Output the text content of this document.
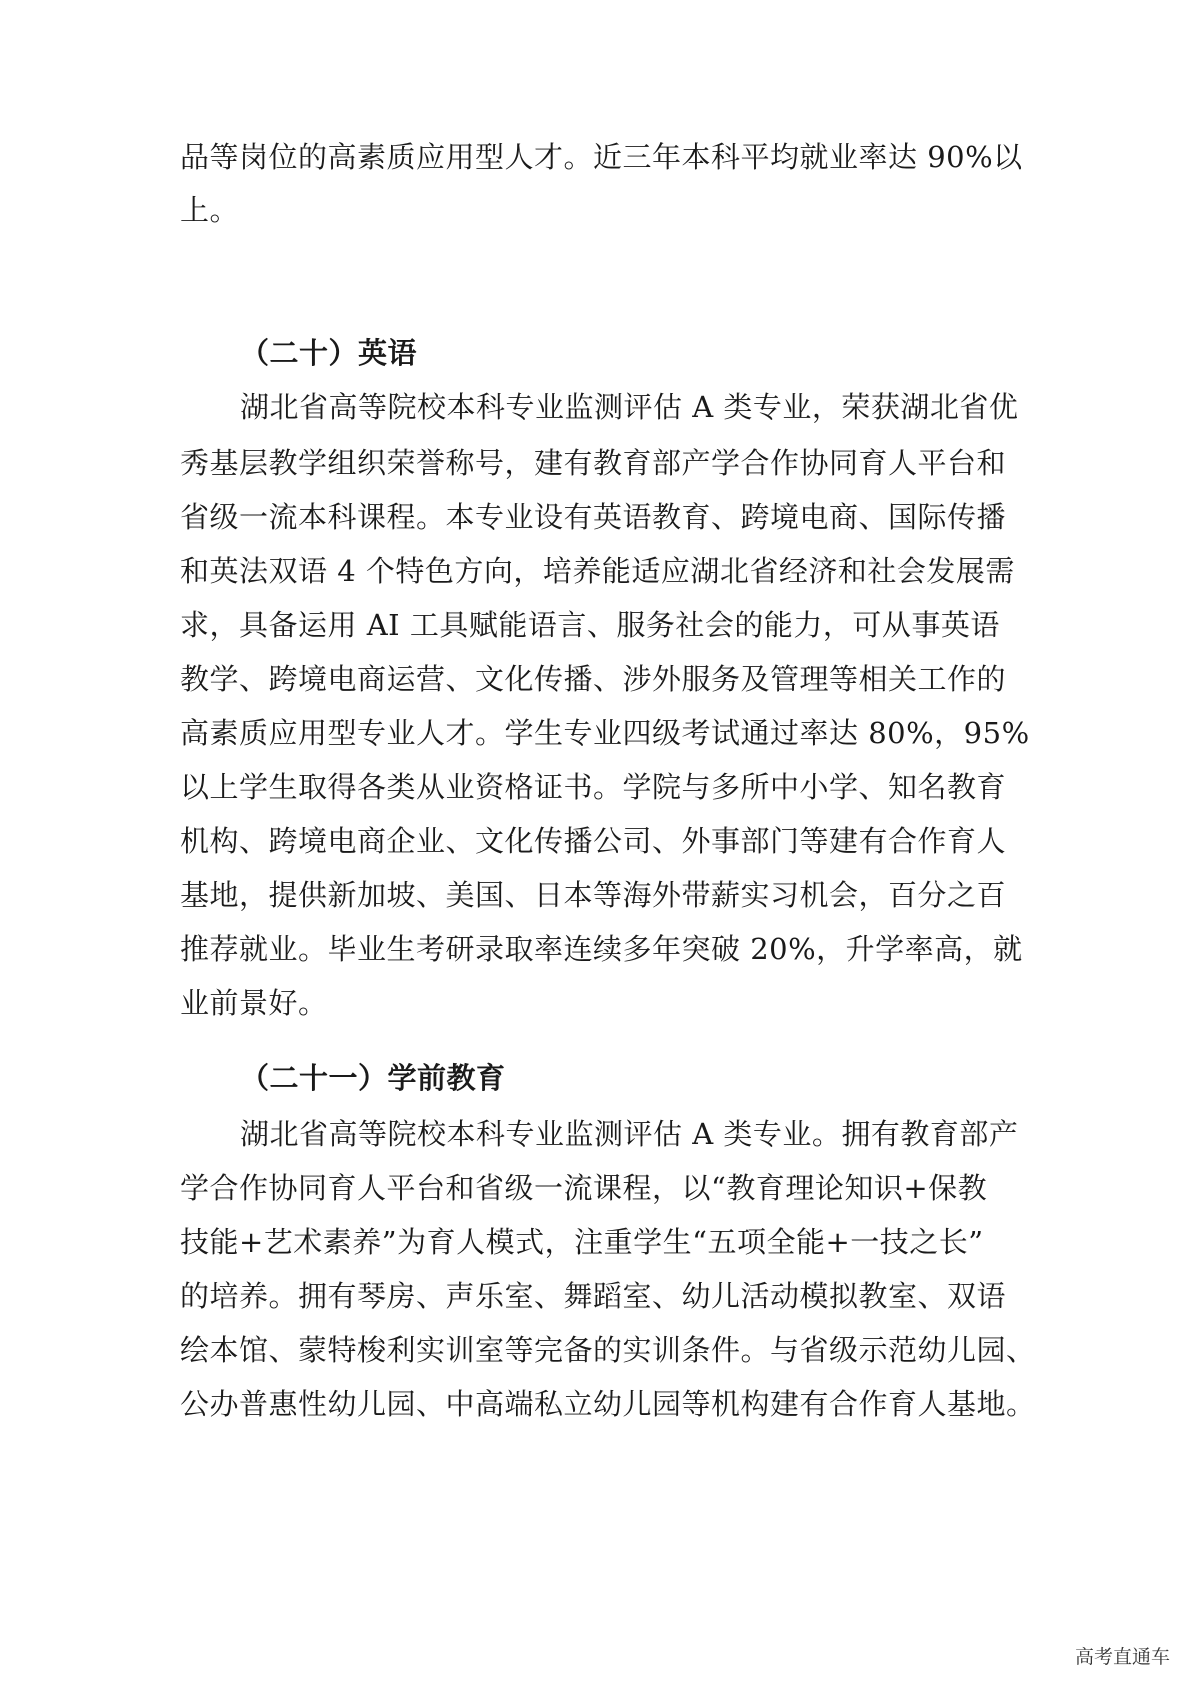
品等岗位的高素质应用型人才。近三年本科平均就业率达 90%以
上。
（二十）英语
湖北省高等院校本科专业监测评估 A 类专业，荣获湖北省优
秀基层教学组织荣誉称号，建有教育部产学合作协同育人平台和
省级一流本科课程。本专业设有英语教育、跨境电商、国际传播
和英法双语 4 个特色方向，培养能适应湖北省经济和社会发展需
求，具备运用 AI 工具赋能语言、服务社会的能力，可从事英语
教学、跨境电商运营、文化传播、涉外服务及管理等相关工作的
高素质应用型专业人才。学生专业四级考试通过率达 80%，95%
以上学生取得各类从业资格证书。学院与多所中小学、知名教育
机构、跨境电商企业、文化传播公司、外事部门等建有合作育人
基地，提供新加坡、美国、日本等海外带薪实习机会，百分之百
推荐就业。毕业生考研录取率连续多年突破 20%，升学率高，就
业前景好。
（二十一）学前教育
湖北省高等院校本科专业监测评估 A 类专业。拥有教育部产
学合作协同育人平台和省级一流课程，以“教育理论知识+保教
技能+艺术素养”为育人模式，注重学生“五项全能+一技之长”
的培养。拥有琴房、声乐室、舞蹈室、幼儿活动模拟教室、双语
绘本馆、蒙特梭利实训室等完备的实训条件。与省级示范幼儿园、
公办普惠性幼儿园、中高端私立幼儿园等机构建有合作育人基地。
高考直通车
